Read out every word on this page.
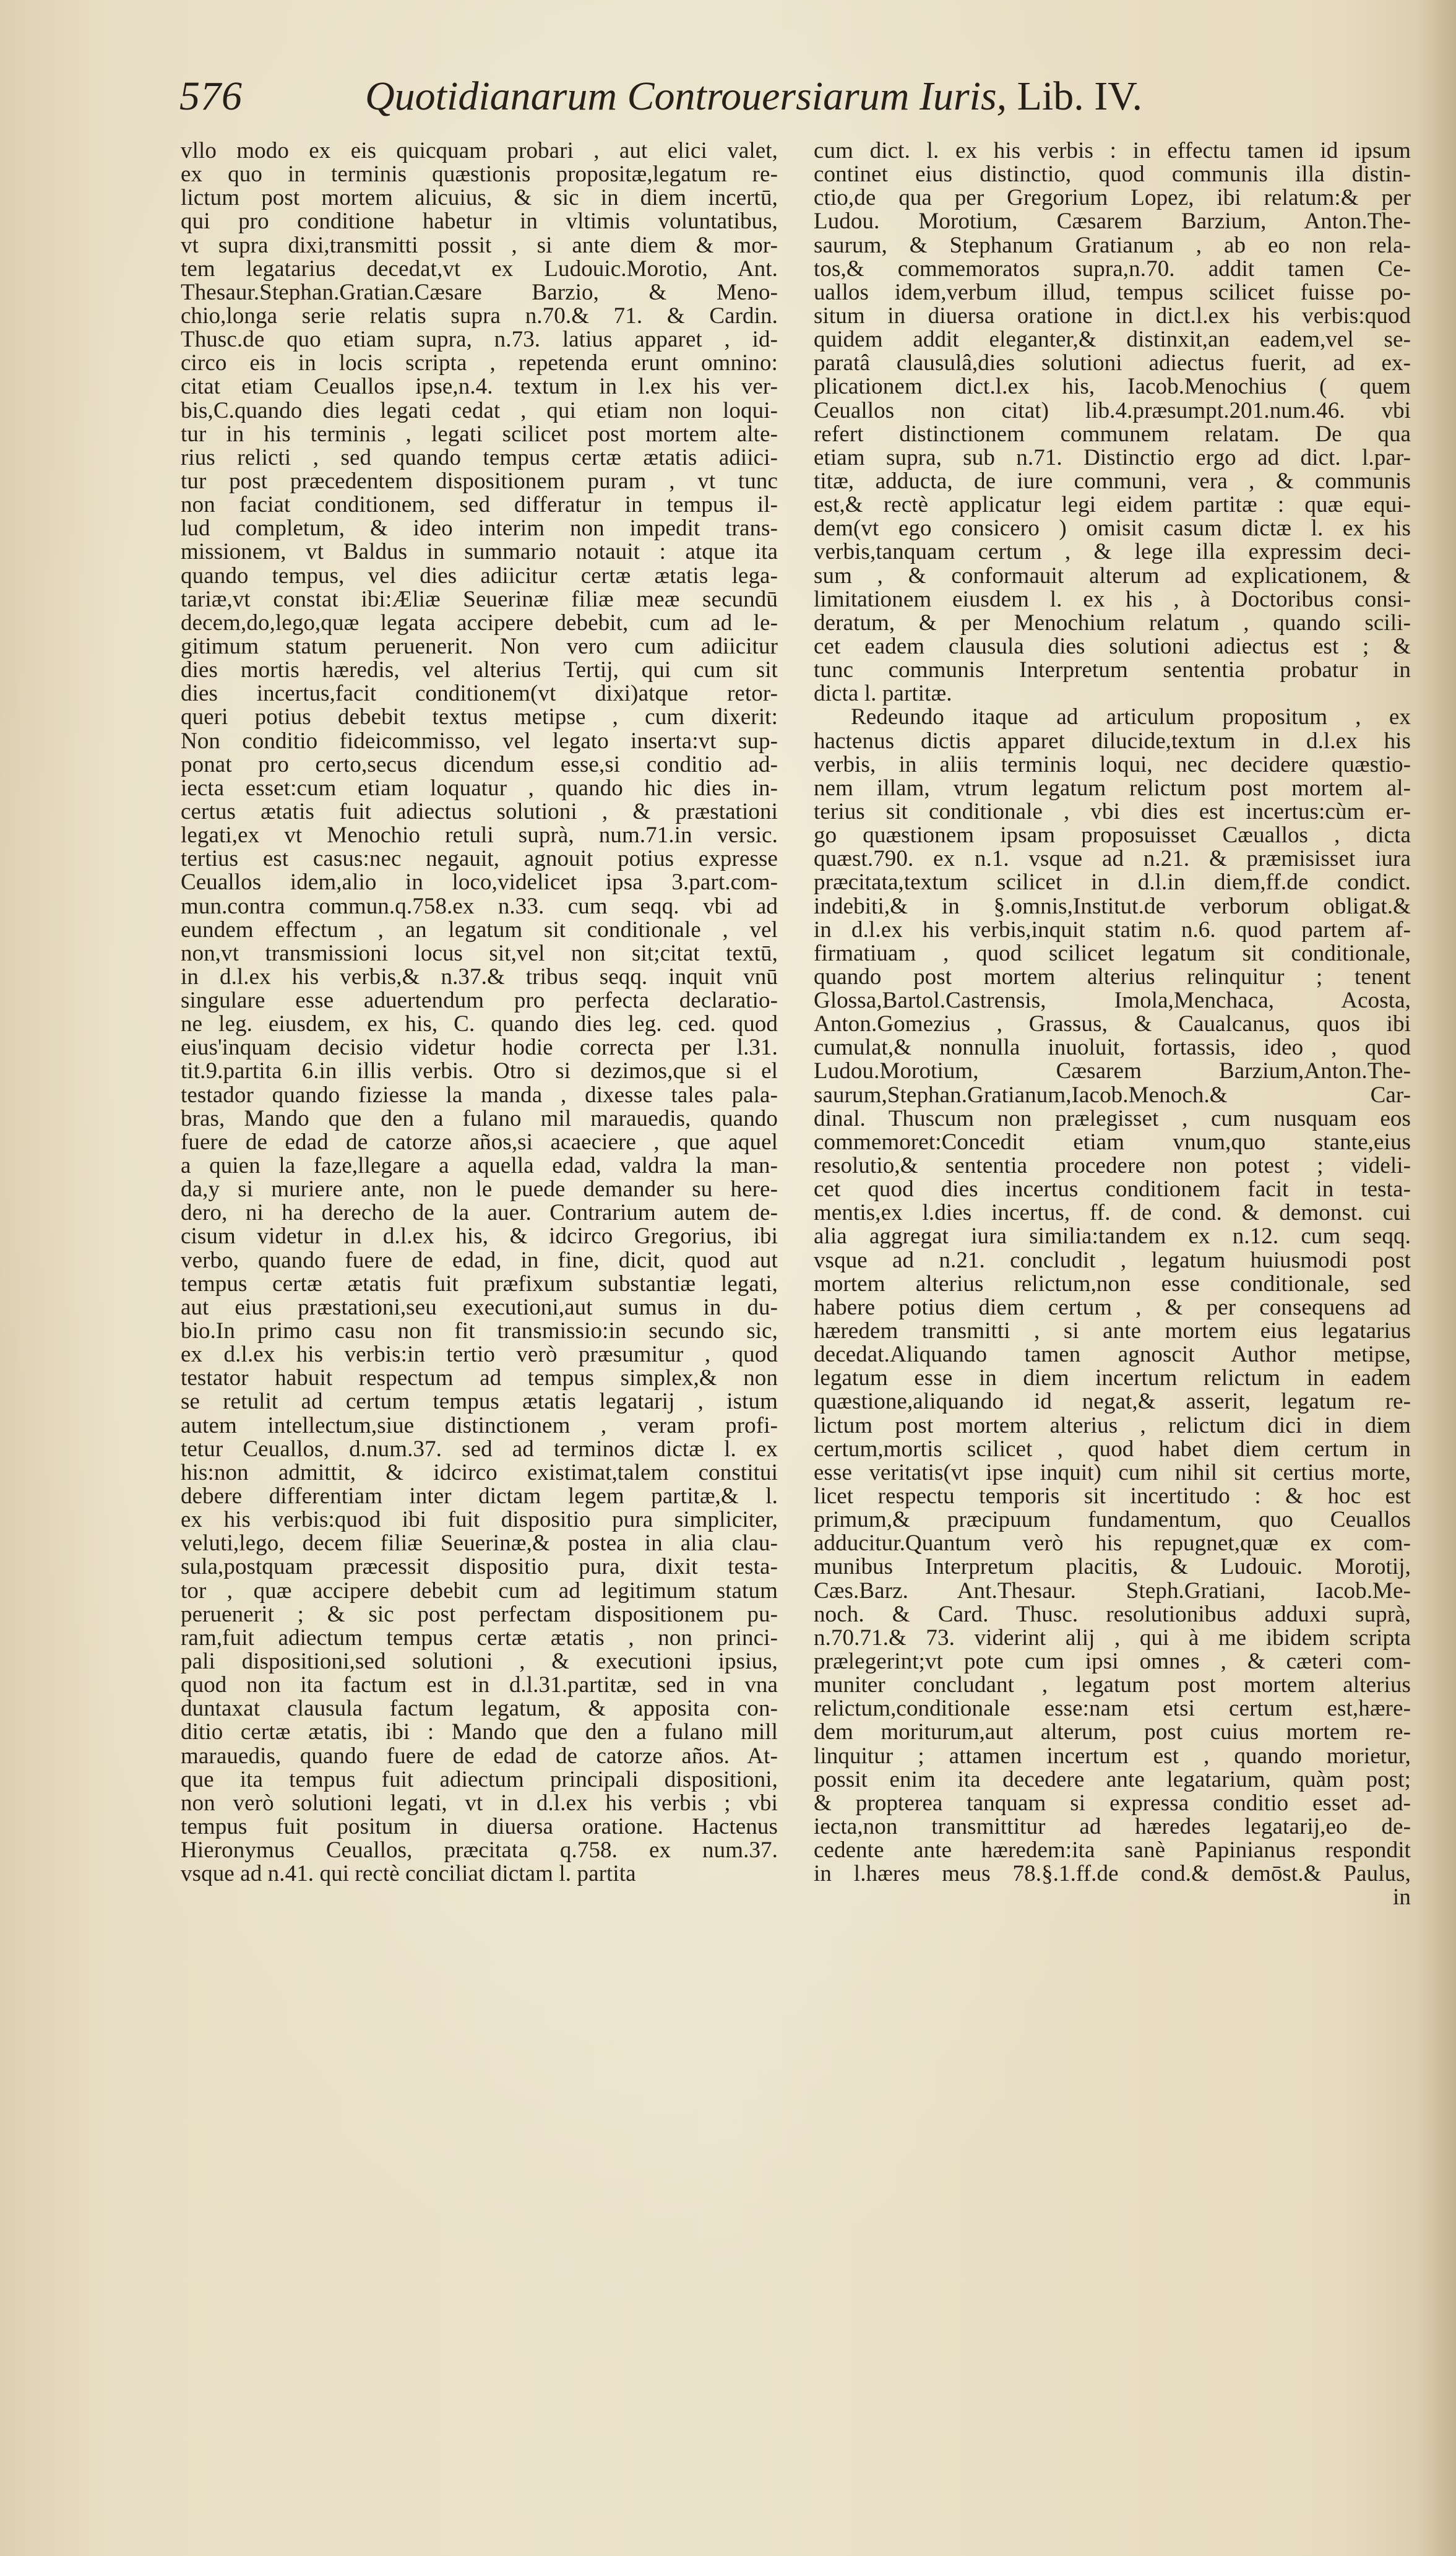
576	Quotidianarum Controuersiarum Iuris, Lib. IV.
vllo modo ex eis quicquam probari , aut elici valet,
ex quo in terminis quæstionis propositæ,legatum re-
lictum post mortem alicuius, & sic in diem incertū,
qui pro conditione habetur in vltimis voluntatibus,
vt supra dixi,transmitti possit , si ante diem & mor-
tem legatarius decedat,vt ex Ludouic.Morotio, Ant.
Thesaur.Stephan.Gratian.Cæsare Barzio, & Meno-
chio,longa serie relatis supra n.70.& 71. & Cardin.
Thusc.de quo etiam supra, n.73. latius apparet , id-
circo eis in locis scripta , repetenda erunt omnino:
citat etiam Ceuallos ipse,n.4. textum in l.ex his ver-
bis,C.quando dies legati cedat , qui etiam non loqui-
tur in his terminis , legati scilicet post mortem alte-
rius relicti , sed quando tempus certæ ætatis adiici-
tur post præcedentem dispositionem puram , vt tunc
non faciat conditionem, sed differatur in tempus il-
lud completum, & ideo interim non impedit trans-
missionem, vt Baldus in summario notauit : atque ita
quando tempus, vel dies adiicitur certæ ætatis lega-
tariæ,vt constat ibi:Æliæ Seuerinæ filiæ meæ secundū
decem,do,lego,quæ legata accipere debebit, cum ad le-
gitimum statum peruenerit. Non vero cum adiicitur
dies mortis hæredis, vel alterius Tertij, qui cum sit
dies incertus,facit conditionem(vt dixi)atque retor-
queri potius debebit textus metipse , cum dixerit:
Non conditio fideicommisso, vel legato inserta:vt sup-
ponat pro certo,secus dicendum esse,si conditio ad-
iecta esset:cum etiam loquatur , quando hic dies in-
certus ætatis fuit adiectus solutioni , & præstationi
legati,ex vt Menochio retuli suprà, num.71.in versic.
tertius est casus:nec negauit, agnouit potius expresse
Ceuallos idem,alio in loco,videlicet ipsa 3.part.com-
mun.contra commun.q.758.ex n.33. cum seqq. vbi ad
eundem effectum , an legatum sit conditionale , vel
non,vt transmissioni locus sit,vel non sit;citat textū,
in d.l.ex his verbis,& n.37.& tribus seqq. inquit vnū
singulare esse aduertendum pro perfecta declaratio-
ne leg. eiusdem, ex his, C. quando dies leg. ced. quod
eius'inquam decisio videtur hodie correcta per l.31.
tit.9.partita 6.in illis verbis. Otro si dezimos,que si el
testador quando fiziesse la manda , dixesse tales pala-
bras, Mando que den a fulano mil marauedis, quando
fuere de edad de catorze años,si acaeciere , que aquel
a quien la faze,llegare a aquella edad, valdra la man-
da,y si muriere ante, non le puede demander su here-
dero, ni ha derecho de la auer. Contrarium autem de-
cisum videtur in d.l.ex his, & idcirco Gregorius, ibi
verbo, quando fuere de edad, in fine, dicit, quod aut
tempus certæ ætatis fuit præfixum substantiæ legati,
aut eius præstationi,seu executioni,aut sumus in du-
bio.In primo casu non fit transmissio:in secundo sic,
ex d.l.ex his verbis:in tertio verò præsumitur , quod
testator habuit respectum ad tempus simplex,& non
se retulit ad certum tempus ætatis legatarij , istum
autem intellectum,siue distinctionem , veram profi-
tetur Ceuallos, d.num.37. sed ad terminos dictæ l. ex
his:non admittit, & idcirco existimat,talem constitui
debere differentiam inter dictam legem partitæ,& l.
ex his verbis:quod ibi fuit dispositio pura simpliciter,
veluti,lego, decem filiæ Seuerinæ,& postea in alia clau-
sula,postquam præcessit dispositio pura, dixit testa-
tor , quæ accipere debebit cum ad legitimum statum
peruenerit ; & sic post perfectam dispositionem pu-
ram,fuit adiectum tempus certæ ætatis , non princi-
pali dispositioni,sed solutioni , & executioni ipsius,
quod non ita factum est in d.l.31.partitæ, sed in vna
duntaxat clausula factum legatum, & apposita con-
ditio certæ ætatis, ibi : Mando que den a fulano mill
marauedis, quando fuere de edad de catorze años. At-
que ita tempus fuit adiectum principali dispositioni,
non verò solutioni legati, vt in d.l.ex his verbis ; vbi
tempus fuit positum in diuersa oratione. Hactenus
Hieronymus Ceuallos, præcitata q.758. ex num.37.
vsque ad n.41. qui rectè conciliat dictam l. partita
cum dict. l. ex his verbis : in effectu tamen id ipsum
continet eius distinctio, quod communis illa distin-
ctio,de qua per Gregorium Lopez, ibi relatum:& per
Ludou. Morotium, Cæsarem Barzium, Anton.The-
saurum, & Stephanum Gratianum , ab eo non rela-
tos,& commemoratos supra,n.70. addit tamen Ce-
uallos idem,verbum illud, tempus scilicet fuisse po-
situm in diuersa oratione in dict.l.ex his verbis:quod
quidem addit eleganter,& distinxit,an eadem,vel se-
paratâ clausulâ,dies solutioni adiectus fuerit, ad ex-
plicationem dict.l.ex his, Iacob.Menochius ( quem
Ceuallos non citat) lib.4.præsumpt.201.num.46. vbi
refert distinctionem communem relatam. De qua
etiam supra, sub n.71. Distinctio ergo ad dict. l.par-
titæ, adducta, de iure communi, vera , & communis
est,& rectè applicatur legi eidem partitæ : quæ equi-
dem(vt ego consicero ) omisit casum dictæ l. ex his
verbis,tanquam certum , & lege illa expressim deci-
sum , & conformauit alterum ad explicationem, &
limitationem eiusdem l. ex his , à Doctoribus consi-
deratum, & per Menochium relatum , quando scili-
cet eadem clausula dies solutioni adiectus est ; &
tunc communis Interpretum sententia probatur in
dicta l. partitæ.
Redeundo itaque ad articulum propositum , ex
hactenus dictis apparet dilucide,textum in d.l.ex his
verbis, in aliis terminis loqui, nec decidere quæstio-
nem illam, vtrum legatum relictum post mortem al-
terius sit conditionale , vbi dies est incertus:cùm er-
go quæstionem ipsam proposuisset Cæuallos , dicta
quæst.790. ex n.1. vsque ad n.21. & præmisisset iura
præcitata,textum scilicet in d.l.in diem,ff.de condict.
indebiti,& in §.omnis,Institut.de verborum obligat.&
in d.l.ex his verbis,inquit statim n.6. quod partem af-
firmatiuam , quod scilicet legatum sit conditionale,
quando post mortem alterius relinquitur ; tenent
Glossa,Bartol.Castrensis, Imola,Menchaca, Acosta,
Anton.Gomezius , Grassus, & Caualcanus, quos ibi
cumulat,& nonnulla inuoluit, fortassis, ideo , quod
Ludou.Morotium, Cæsarem Barzium,Anton.The-
saurum,Stephan.Gratianum,Iacob.Menoch.& Car-
dinal. Thuscum non prælegisset , cum nusquam eos
commemoret:Concedit etiam vnum,quo stante,eius
resolutio,& sententia procedere non potest ; videli-
cet quod dies incertus conditionem facit in testa-
mentis,ex l.dies incertus, ff. de cond. & demonst. cui
alia aggregat iura similia:tandem ex n.12. cum seqq.
vsque ad n.21. concludit , legatum huiusmodi post
mortem alterius relictum,non esse conditionale, sed
habere potius diem certum , & per consequens ad
hæredem transmitti , si ante mortem eius legatarius
decedat.Aliquando tamen agnoscit Author metipse,
legatum esse in diem incertum relictum in eadem
quæstione,aliquando id negat,& asserit, legatum re-
lictum post mortem alterius , relictum dici in diem
certum,mortis scilicet , quod habet diem certum in
esse veritatis(vt ipse inquit) cum nihil sit certius morte,
licet respectu temporis sit incertitudo : & hoc est
primum,& præcipuum fundamentum, quo Ceuallos
adducitur.Quantum verò his repugnet,quæ ex com-
munibus Interpretum placitis, & Ludouic. Morotij,
Cæs.Barz. Ant.Thesaur. Steph.Gratiani, Iacob.Me-
noch. & Card. Thusc. resolutionibus adduxi suprà,
n.70.71.& 73. viderint alij , qui à me ibidem scripta
prælegerint;vt pote cum ipsi omnes , & cæteri com-
muniter concludant , legatum post mortem alterius
relictum,conditionale esse:nam etsi certum est,hære-
dem moriturum,aut alterum, post cuius mortem re-
linquitur ; attamen incertum est , quando morietur,
possit enim ita decedere ante legatarium, quàm post;
& propterea tanquam si expressa conditio esset ad-
iecta,non transmittitur ad hæredes legatarij,eo de-
cedente ante hæredem:ita sanè Papinianus respondit
in l.hæres meus 78.§.1.ff.de cond.& demōst.& Paulus,
in
